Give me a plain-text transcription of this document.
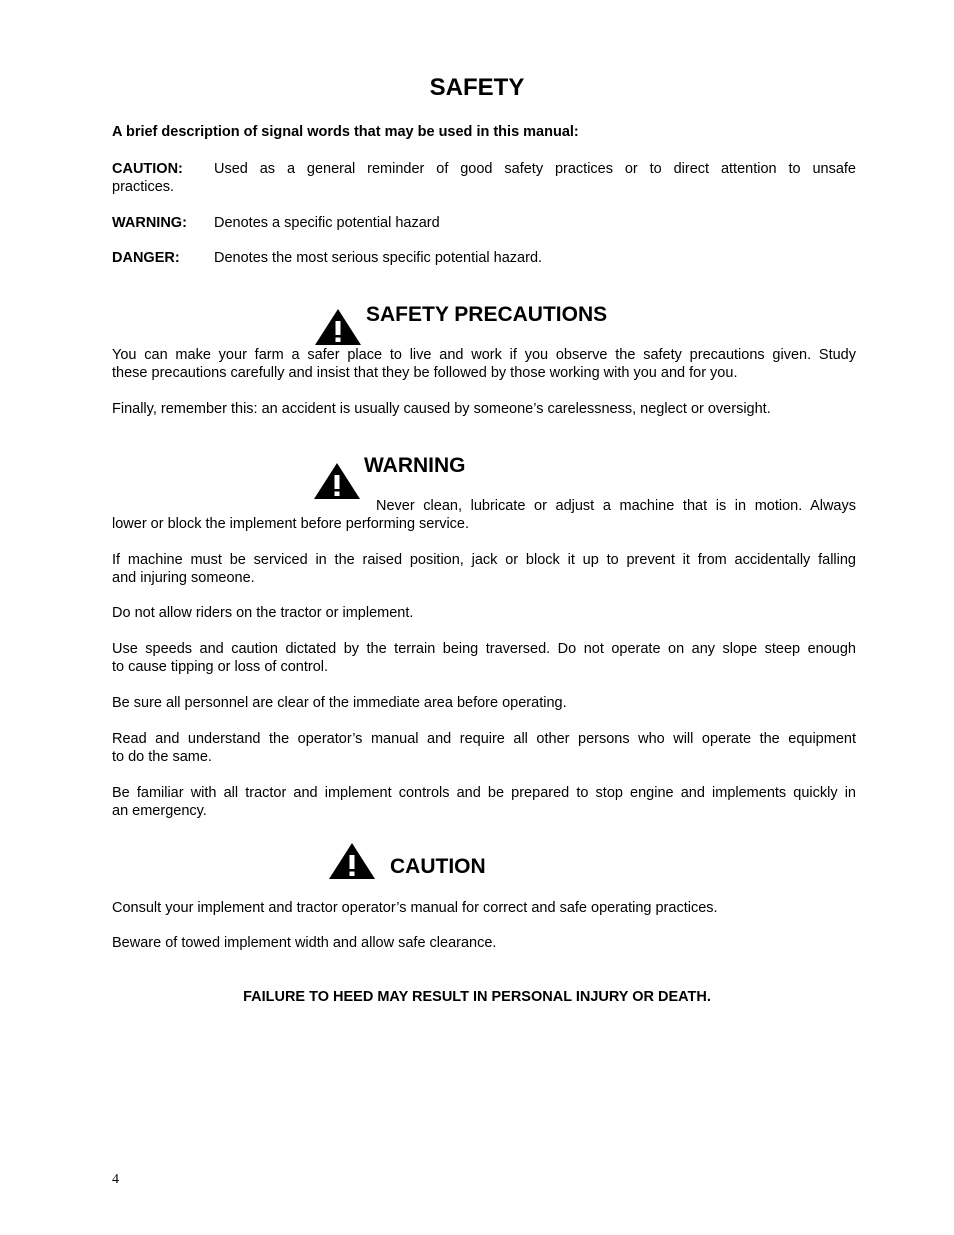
SAFETY
A brief description of signal words that may be used in this manual:
CAUTION: Used as a general reminder of good safety practices or to direct attention to unsafe
practices.
WARNING: Denotes a specific potential hazard
DANGER: Denotes the most serious specific potential hazard.
SAFETY PRECAUTIONS
You can make your farm a safer place to live and work if you observe the safety precautions given. Study
these precautions carefully and insist that they be followed by those working with you and for you.
Finally, remember this: an accident is usually caused by someone’s carelessness, neglect or oversight.
WARNING
Never clean, lubricate or adjust a machine that is in motion. Always
lower or block the implement before performing service.
If machine must be serviced in the raised position, jack or block it up to prevent it from accidentally falling
and injuring someone.
Do not allow riders on the tractor or implement.
Use speeds and caution dictated by the terrain being traversed. Do not operate on any slope steep enough
to cause tipping or loss of control.
Be sure all personnel are clear of the immediate area before operating.
Read and understand the operator’s manual and require all other persons who will operate the equipment
to do the same.
Be familiar with all tractor and implement controls and be prepared to stop engine and implements quickly in
an emergency.
CAUTION
Consult your implement and tractor operator’s manual for correct and safe operating practices.
Beware of towed implement width and allow safe clearance.
FAILURE TO HEED MAY RESULT IN PERSONAL INJURY OR DEATH.
4
